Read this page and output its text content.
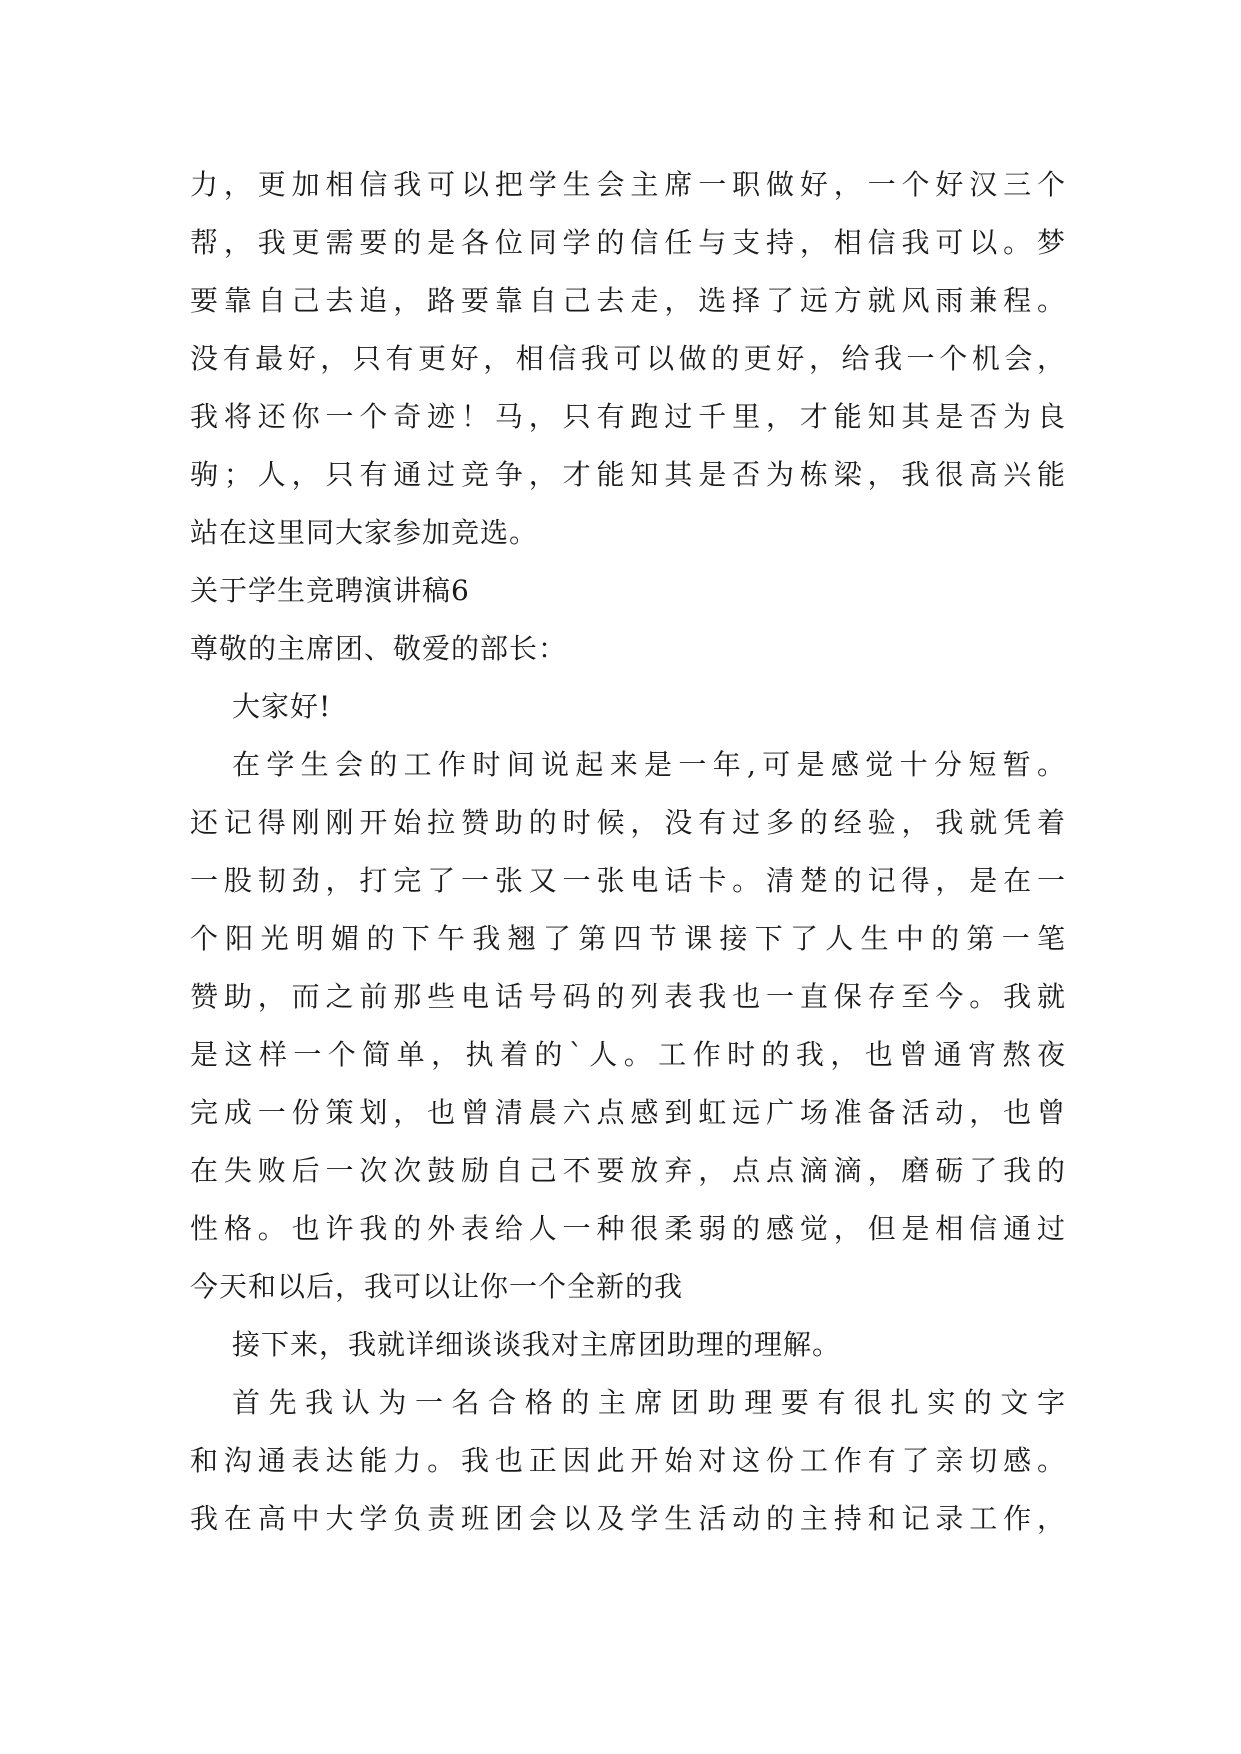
力，更加相信我可以把学生会主席一职做好，一个好汉三个
帮，我更需要的是各位同学的信任与支持，相信我可以。梦
要靠自己去追，路要靠自己去走，选择了远方就风雨兼程。
没有最好，只有更好，相信我可以做的更好，给我一个机会，
我将还你一个奇迹！马，只有跑过千里，才能知其是否为良
驹；人，只有通过竞争，才能知其是否为栋梁，我很高兴能
站在这里同大家参加竞选。
关于学生竞聘演讲稿6
尊敬的主席团、敬爱的部长：
大家好!
在学生会的工作时间说起来是一年,可是感觉十分短暂。
还记得刚刚开始拉赞助的时候，没有过多的经验，我就凭着
一股韧劲，打完了一张又一张电话卡。清楚的记得，是在一
个阳光明媚的下午我翘了第四节课接下了人生中的第一笔
赞助，而之前那些电话号码的列表我也一直保存至今。我就
是这样一个简单，执着的`人。工作时的我，也曾通宵熬夜
完成一份策划，也曾清晨六点感到虹远广场准备活动，也曾
在失败后一次次鼓励自己不要放弃，点点滴滴，磨砺了我的
性格。也许我的外表给人一种很柔弱的感觉，但是相信通过
今天和以后，我可以让你一个全新的我
接下来，我就详细谈谈我对主席团助理的理解。
首先我认为一名合格的主席团助理要有很扎实的文字
和沟通表达能力。我也正因此开始对这份工作有了亲切感。
我在高中大学负责班团会以及学生活动的主持和记录工作，
